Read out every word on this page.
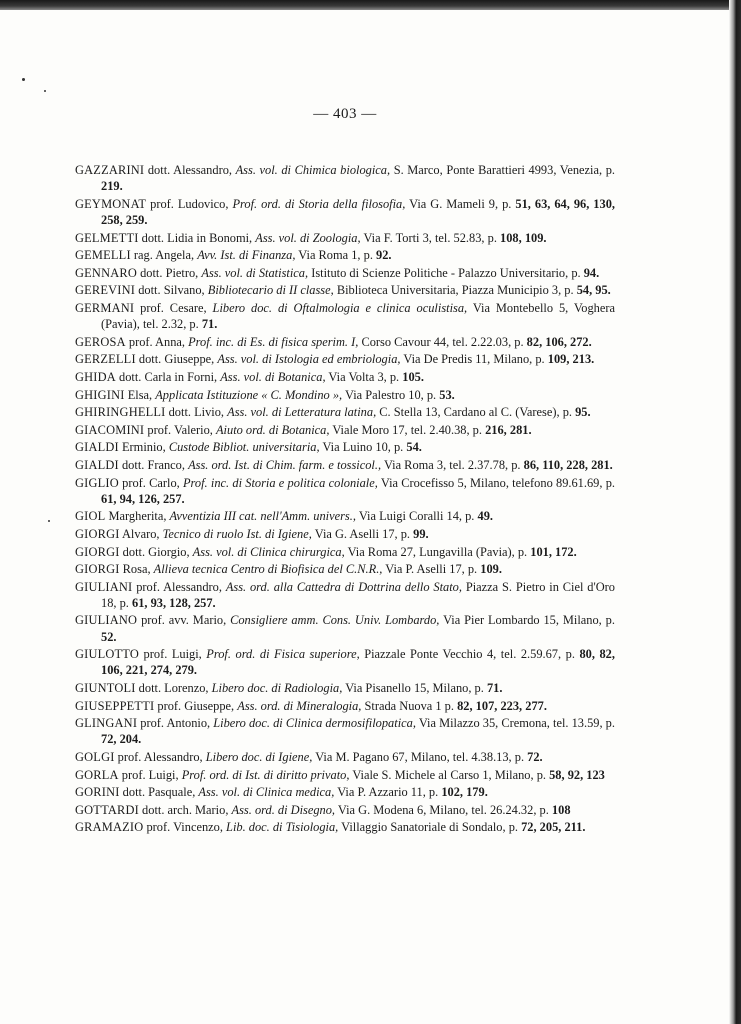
— 403 —
GAZZARINI dott. Alessandro, Ass. vol. di Chimica biologica, S. Marco, Ponte Barattieri 4993, Venezia, p. 219.
GEYMONAT prof. Ludovico, Prof. ord. di Storia della filosofia, Via G. Mameli 9, p. 51, 63, 64, 96, 130, 258, 259.
GELMETTI dott. Lidia in Bonomi, Ass. vol. di Zoologia, Via F. Torti 3, tel. 52.83, p. 108, 109.
GEMELLI rag. Angela, Avv. Ist. di Finanza, Via Roma 1, p. 92.
GENNARO dott. Pietro, Ass. vol. di Statistica, Istituto di Scienze Politiche - Palazzo Universitario, p. 94.
GEREVINI dott. Silvano, Bibliotecario di II classe, Biblioteca Universitaria, Piazza Municipio 3, p. 54, 95.
GERMANI prof. Cesare, Libero doc. di Oftalmologia e clinica oculistisa, Via Montebello 5, Voghera (Pavia), tel. 2.32, p. 71.
GEROSA prof. Anna, Prof. inc. di Es. di fisica sperim. I, Corso Cavour 44, tel. 2.22.03, p. 82, 106, 272.
GERZELLI dott. Giuseppe, Ass. vol. di Istologia ed embriologia, Via De Predis 11, Milano, p. 109, 213.
GHIDA dott. Carla in Forni, Ass. vol. di Botanica, Via Volta 3, p. 105.
GHIGINI Elsa, Applicata Istituzione « C. Mondino », Via Palestro 10, p. 53.
GHIRINGHELLI dott. Livio, Ass. vol. di Letteratura latina, C. Stella 13, Cardano al C. (Varese), p. 95.
GIACOMINI prof. Valerio, Aiuto ord. di Botanica, Viale Moro 17, tel. 2.40.38, p. 216, 281.
GIALDI Erminio, Custode Bibliot. universitaria, Via Luino 10, p. 54.
GIALDI dott. Franco, Ass. ord. Ist. di Chim. farm. e tossicol., Via Roma 3, tel. 2.37.78, p. 86, 110, 228, 281.
GIGLIO prof. Carlo, Prof. inc. di Storia e politica coloniale, Via Crocefisso 5, Milano, telefono 89.61.69, p. 61, 94, 126, 257.
GIOL Margherita, Avventizia III cat. nell'Amm. univers., Via Luigi Coralli 14, p. 49.
GIORGI Alvaro, Tecnico di ruolo Ist. di Igiene, Via G. Aselli 17, p. 99.
GIORGI dott. Giorgio, Ass. vol. di Clinica chirurgica, Via Roma 27, Lungavilla (Pavia), p. 101, 172.
GIORGI Rosa, Allieva tecnica Centro di Biofisica del C.N.R., Via P. Aselli 17, p. 109.
GIULIANI prof. Alessandro, Ass. ord. alla Cattedra di Dottrina dello Stato, Piazza S. Pietro in Ciel d'Oro 18, p. 61, 93, 128, 257.
GIULIANO prof. avv. Mario, Consigliere amm. Cons. Univ. Lombardo, Via Pier Lombardo 15, Milano, p. 52.
GIULOTTO prof. Luigi, Prof. ord. di Fisica superiore, Piazzale Ponte Vecchio 4, tel. 2.59.67, p. 80, 82, 106, 221, 274, 279.
GIUNTOLI dott. Lorenzo, Libero doc. di Radiologia, Via Pisanello 15, Milano, p. 71.
GIUSEPPETTI prof. Giuseppe, Ass. ord. di Mineralogia, Strada Nuova 1 p. 82, 107, 223, 277.
GLINGANI prof. Antonio, Libero doc. di Clinica dermosifilopatica, Via Milazzo 35, Cremona, tel. 13.59, p. 72, 204.
GOLGI prof. Alessandro, Libero doc. di Igiene, Via M. Pagano 67, Milano, tel. 4.38.13, p. 72.
GORLA prof. Luigi, Prof. ord. di Ist. di diritto privato, Viale S. Michele al Carso 1, Milano, p. 58, 92, 123
GORINI dott. Pasquale, Ass. vol. di Clinica medica, Via P. Azzario 11, p. 102, 179.
GOTTARDI dott. arch. Mario, Ass. ord. di Disegno, Via G. Modena 6, Milano, tel. 26.24.32, p. 108
GRAMAZIO prof. Vincenzo, Lib. doc. di Tisiologia, Villaggio Sanatoriale di Sondalo, p. 72, 205, 211.
